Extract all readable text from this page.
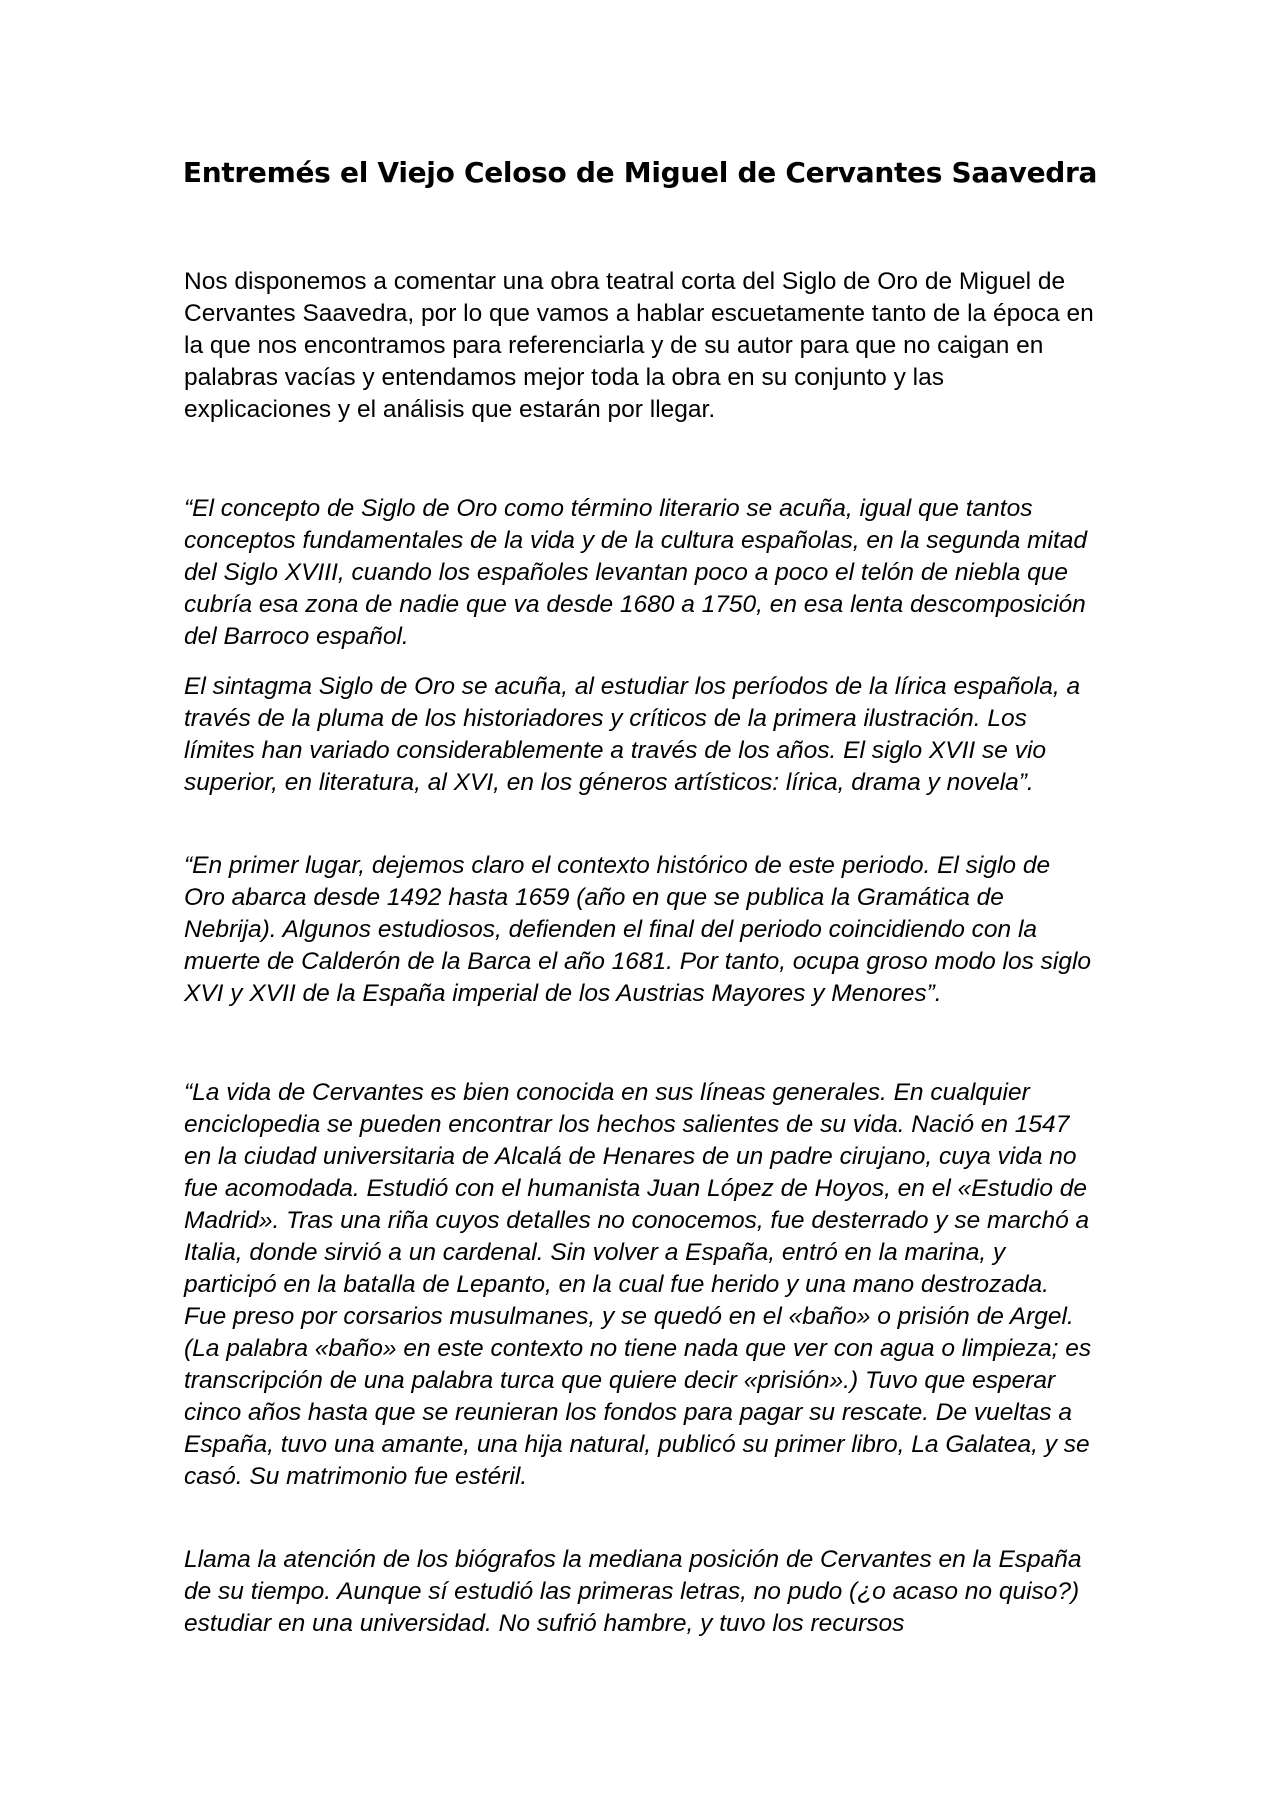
Entremés el Viejo Celoso de Miguel de Cervantes Saavedra

Nos disponemos a comentar una obra teatral corta del Siglo de Oro de Miguel de Cervantes Saavedra, por lo que vamos a hablar escuetamente tanto de la época en la que nos encontramos para referenciarla y de su autor para que no caigan en palabras vacías y entendamos mejor toda la obra en su conjunto y las explicaciones y el análisis que estarán por llegar.

“El concepto de Siglo de Oro como término literario se acuña, igual que tantos conceptos fundamentales de la vida y de la cultura españolas, en la segunda mitad del Siglo XVIII, cuando los españoles levantan poco a poco el telón de niebla que cubría esa zona de nadie que va desde 1680 a 1750, en esa lenta descomposición del Barroco español.

El sintagma Siglo de Oro se acuña, al estudiar los períodos de la lírica española, a través de la pluma de los historiadores y críticos de la primera ilustración. Los límites han variado considerablemente a través de los años. El siglo XVII se vio superior, en literatura, al XVI, en los géneros artísticos: lírica, drama y novela”.

“En primer lugar, dejemos claro el contexto histórico de este periodo. El siglo de Oro abarca desde 1492 hasta 1659 (año en que se publica la Gramática de Nebrija). Algunos estudiosos, defienden el final del periodo coincidiendo con la muerte de Calderón de la Barca el año 1681. Por tanto, ocupa groso modo los siglo XVI y XVII de la España imperial de los Austrias Mayores y Menores”.

“La vida de Cervantes es bien conocida en sus líneas generales. En cualquier enciclopedia se pueden encontrar los hechos salientes de su vida. Nació en 1547 en la ciudad universitaria de Alcalá de Henares de un padre cirujano, cuya vida no fue acomodada. Estudió con el humanista Juan López de Hoyos, en el «Estudio de Madrid». Tras una riña cuyos detalles no conocemos, fue desterrado y se marchó a Italia, donde sirvió a un cardenal. Sin volver a España, entró en la marina, y participó en la batalla de Lepanto, en la cual fue herido y una mano destrozada. Fue preso por corsarios musulmanes, y se quedó en el «baño» o prisión de Argel. (La palabra «baño» en este contexto no tiene nada que ver con agua o limpieza; es transcripción de una palabra turca que quiere decir «prisión».) Tuvo que esperar cinco años hasta que se reunieran los fondos para pagar su rescate. De vueltas a España, tuvo una amante, una hija natural, publicó su primer libro, La Galatea, y se casó. Su matrimonio fue estéril.

Llama la atención de los biógrafos la mediana posición de Cervantes en la España de su tiempo. Aunque sí estudió las primeras letras, no pudo (¿o acaso no quiso?) estudiar en una universidad. No sufrió hambre, y tuvo los recursos
